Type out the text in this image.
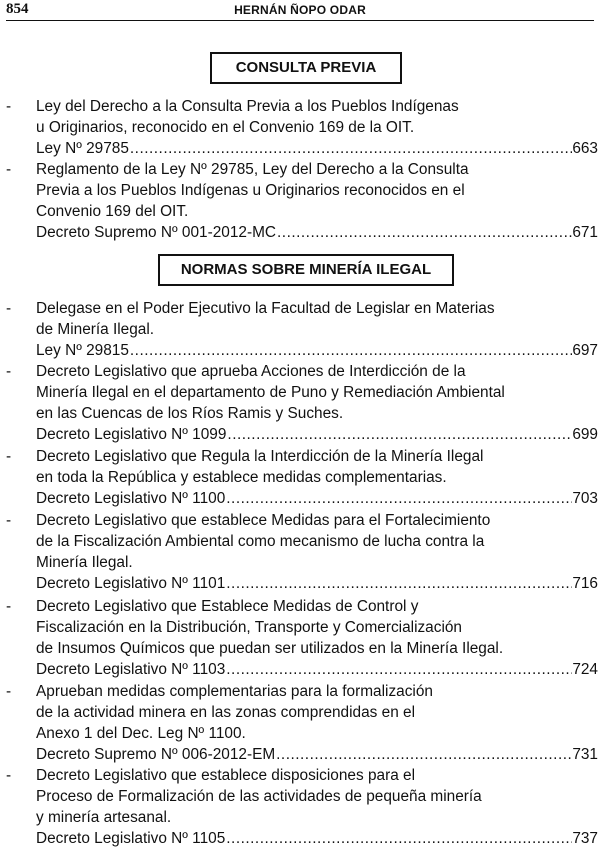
854	HERNÁN ÑOPO ODAR
CONSULTA PREVIA
NORMAS SOBRE MINERÍA ILEGAL
- Ley del Derecho a la Consulta Previa a los Pueblos Indígenas
u Originarios, reconocido en el Convenio 169 de la OIT.
Ley Nº 29785 .....	663
- Reglamento de la Ley Nº 29785, Ley del Derecho a la Consulta
Previa a los Pueblos Indígenas u Originarios reconocidos en el
Convenio 169 del OIT.
Decreto Supremo Nº 001-2012-MC .....	671
- Delegase en el Poder Ejecutivo la Facultad de Legislar en Materias
de Minería Ilegal.
Ley Nº 29815 .....	697
- Decreto Legislativo que aprueba Acciones de Interdicción de la
Minería Ilegal en el departamento de Puno y Remediación Ambiental
en las Cuencas de los Ríos Ramis y Suches.
Decreto Legislativo Nº 1099 .....	699
- Decreto Legislativo que Regula la Interdicción de la Minería Ilegal
en toda la República y establece medidas complementarias.
Decreto Legislativo Nº 1100 .....	703
- Decreto Legislativo que establece Medidas para el Fortalecimiento
de la Fiscalización Ambiental como mecanismo de lucha contra la
Minería Ilegal.
Decreto Legislativo Nº 1101 .....	716
- Decreto Legislativo que Establece Medidas de Control y
Fiscalización en la Distribución, Transporte y Comercialización
de Insumos Químicos que puedan ser utilizados en la Minería Ilegal.
Decreto Legislativo Nº 1103 .....	724
- Aprueban medidas complementarias para la formalización
de la actividad minera en las zonas comprendidas en el
Anexo 1 del Dec. Leg Nº 1100.
Decreto Supremo Nº 006-2012-EM .....	731
- Decreto Legislativo que establece disposiciones para el
Proceso de Formalización de las actividades de pequeña minería
y minería artesanal.
Decreto Legislativo Nº 1105 .....	737
